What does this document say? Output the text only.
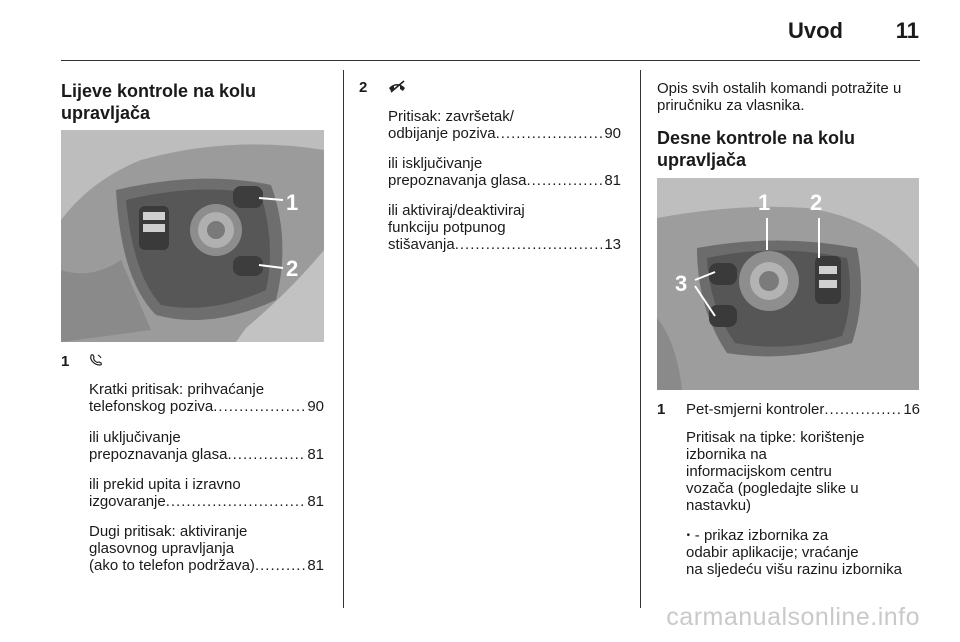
Uvod 11
Lijeve kontrole na kolu
upravljača
1
2
1
Kratki pritisak: prihvaćanje
telefonskog poziva .....	90
ili uključivanje
prepoznavanja glasa .....	81
ili prekid upita i izravno
izgovaranje .....	81
Dugi pritisak: aktiviranje
glasovnog upravljanja
(ako to telefon podržava) .....	81
2
Pritisak: završetak/
odbijanje poziva .....	90
ili isključivanje
prepoznavanja glasa .....	81
ili aktiviraj/deaktiviraj
funkciju potpunog
stišavanja .....	13
Opis svih ostalih komandi potražite u
priručniku za vlasnika.
Desne kontrole na kolu
upravljača
1 2
3
1 Pet-smjerni kontroler .....	16
Pritisak na tipke: korištenje
izbornika na
informacijskom centru
vozača (pogledajte slike u
nastavku)
ꞏ - prikaz izbornika za
odabir aplikacije; vraćanje
na sljedeću višu razinu izbornika
carmanualsonline.info
